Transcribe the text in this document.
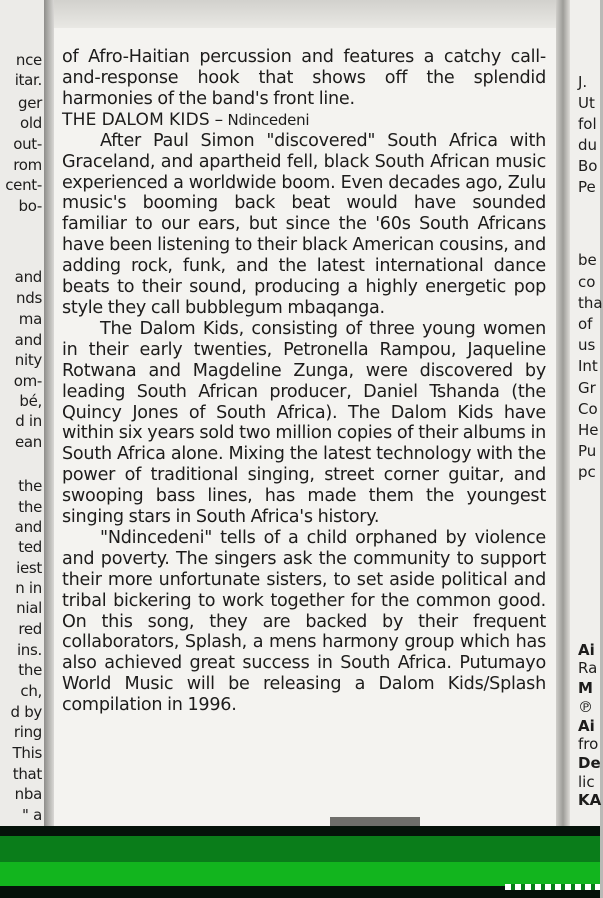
nce
itar.
ger
old
out-
rom
cent-
bo-
and
nds
ma
and
nity
om-
bé,
d in
ean
the
the
and
ted
iest
n in
nial
red
ins.
the
ch,
d by
ring
This
that
nba
" a
J.
Ut
fol
du
Bo
Pe
be
co
tha
of
us
Int
Gr
Co
He
Pu
pc
Ai
Ra
M
℗
Ai
fro
De
lic
KA

of Afro-Haitian percussion and features a catchy call-and-response hook that shows off the splendid harmonies of the band's front line.

THE DALOM KIDS – Ndincedeni

After Paul Simon "discovered" South Africa with Graceland, and apartheid fell, black South African music experienced a worldwide boom. Even decades ago, Zulu music's booming back beat would have sounded familiar to our ears, but since the '60s South Africans have been listening to their black American cousins, and adding rock, funk, and the latest international dance beats to their sound, producing a highly energetic pop style they call bubblegum mbaqanga.

The Dalom Kids, consisting of three young women in their early twenties, Petronella Rampou, Jaqueline Rotwana and Magdeline Zunga, were discovered by leading South African producer, Daniel Tshanda (the Quincy Jones of South Africa). The Dalom Kids have within six years sold two million copies of their albums in South Africa alone. Mixing the latest technology with the power of traditional singing, street corner guitar, and swooping bass lines, has made them the youngest singing stars in South Africa's history.

"Ndincedeni" tells of a child orphaned by violence and poverty. The singers ask the community to support their more unfortunate sisters, to set aside political and tribal bickering to work together for the common good. On this song, they are backed by their frequent collaborators, Splash, a mens harmony group which has also achieved great success in South Africa. Putumayo World Music will be releasing a Dalom Kids/Splash compilation in 1996.
